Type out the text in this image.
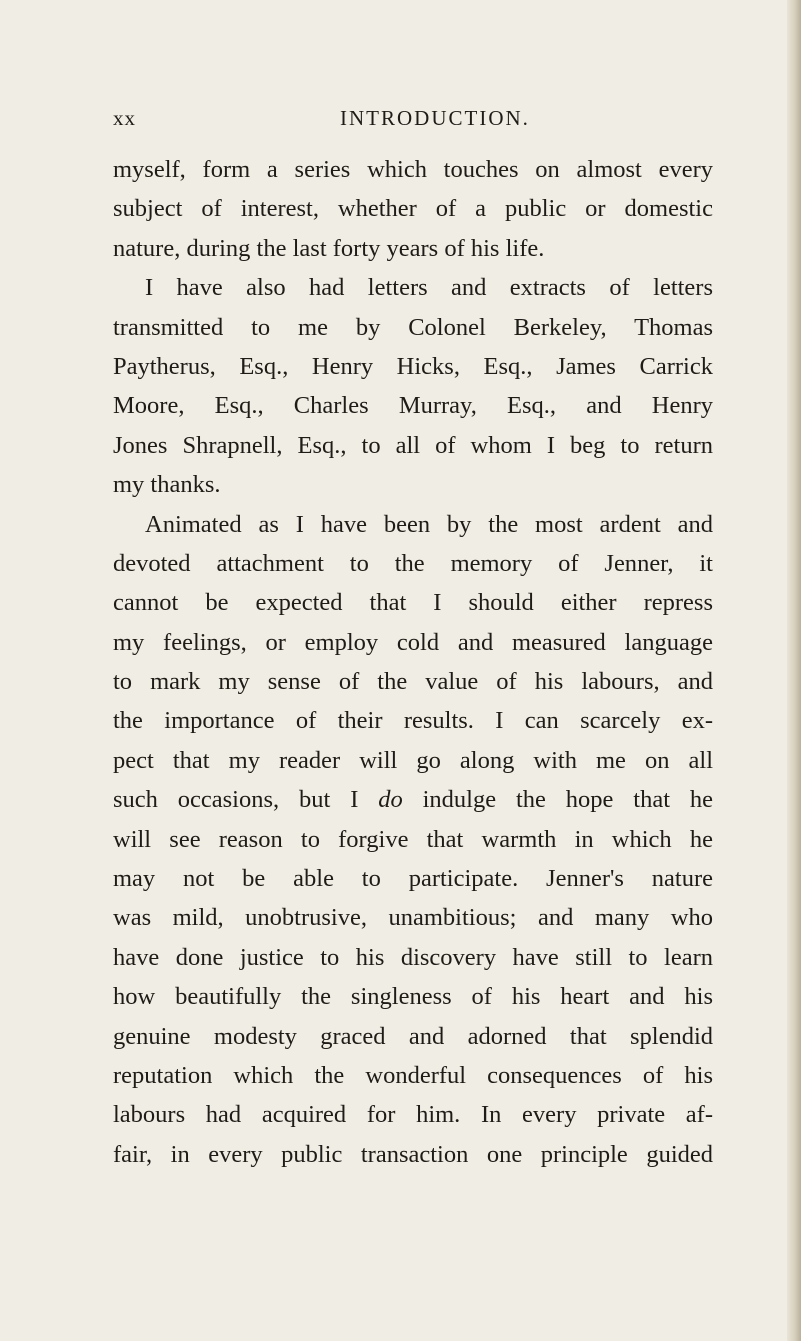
xx	INTRODUCTION.
myself, form a series which touches on almost every
subject of interest, whether of a public or domestic
nature, during the last forty years of his life.
I have also had letters and extracts of letters
transmitted to me by Colonel Berkeley, Thomas
Paytherus, Esq., Henry Hicks, Esq., James Carrick
Moore, Esq., Charles Murray, Esq., and Henry
Jones Shrapnell, Esq., to all of whom I beg to return
my thanks.
Animated as I have been by the most ardent and
devoted attachment to the memory of Jenner, it
cannot be expected that I should either repress
my feelings, or employ cold and measured language
to mark my sense of the value of his labours, and
the importance of their results. I can scarcely ex-
pect that my reader will go along with me on all
such occasions, but I do indulge the hope that he
will see reason to forgive that warmth in which he
may not be able to participate. Jenner's nature
was mild, unobtrusive, unambitious; and many who
have done justice to his discovery have still to learn
how beautifully the singleness of his heart and his
genuine modesty graced and adorned that splendid
reputation which the wonderful consequences of his
labours had acquired for him. In every private af-
fair, in every public transaction one principle guided
